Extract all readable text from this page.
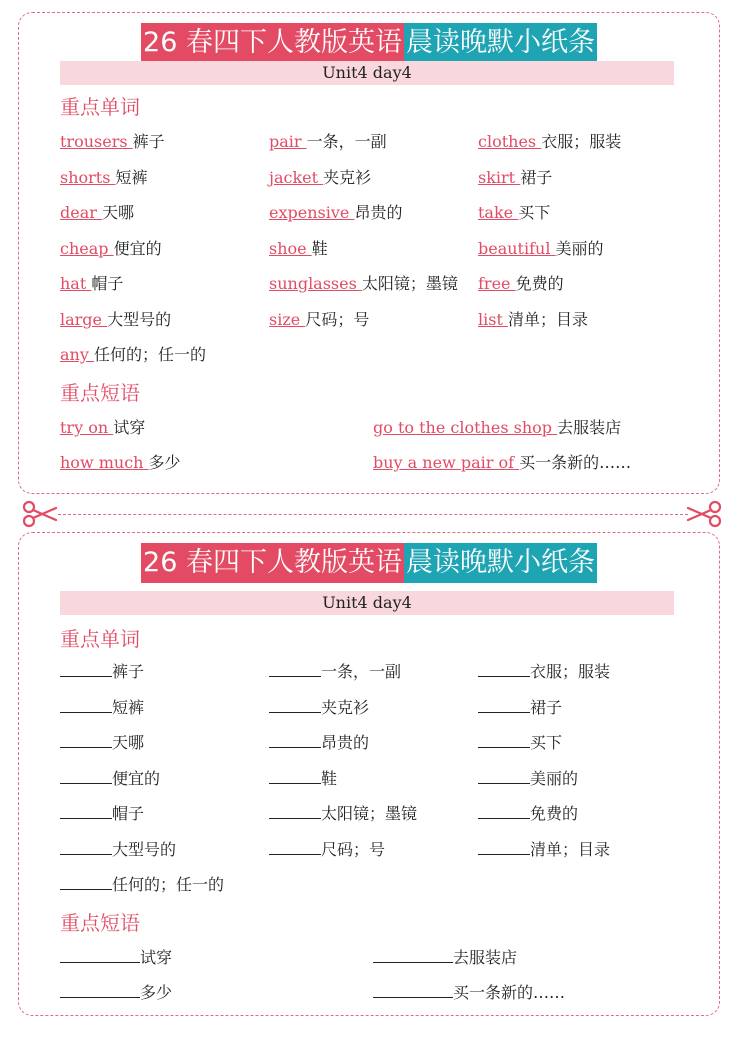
26 春四下人教版英语 晨读晚默小纸条
Unit4 day4
重点单词
trousers 裤子	pair 一条，一副	clothes 衣服；服装
shorts 短裤	jacket 夹克衫	skirt 裙子
dear 天哪	expensive 昂贵的	take 买下
cheap 便宜的	shoe 鞋	beautiful 美丽的
hat 帽子	sunglasses 太阳镜；墨镜 free 免费的
large 大型号的	size 尺码；号	list 清单；目录
any 任何的；任一的
重点短语
try on 试穿	go to the clothes shop 去服装店
how much 多少	buy a new pair of 买一条新的……
26 春四下人教版英语 晨读晚默小纸条
Unit4 day4
重点单词
裤子	一条，一副	衣服；服装
短裤	夹克衫	裙子
天哪	昂贵的	买下
便宜的	鞋	美丽的
帽子	太阳镜；墨镜	免费的
大型号的	尺码；号	清单；目录
任何的；任一的
重点短语
试穿	去服装店
多少	买一条新的……
